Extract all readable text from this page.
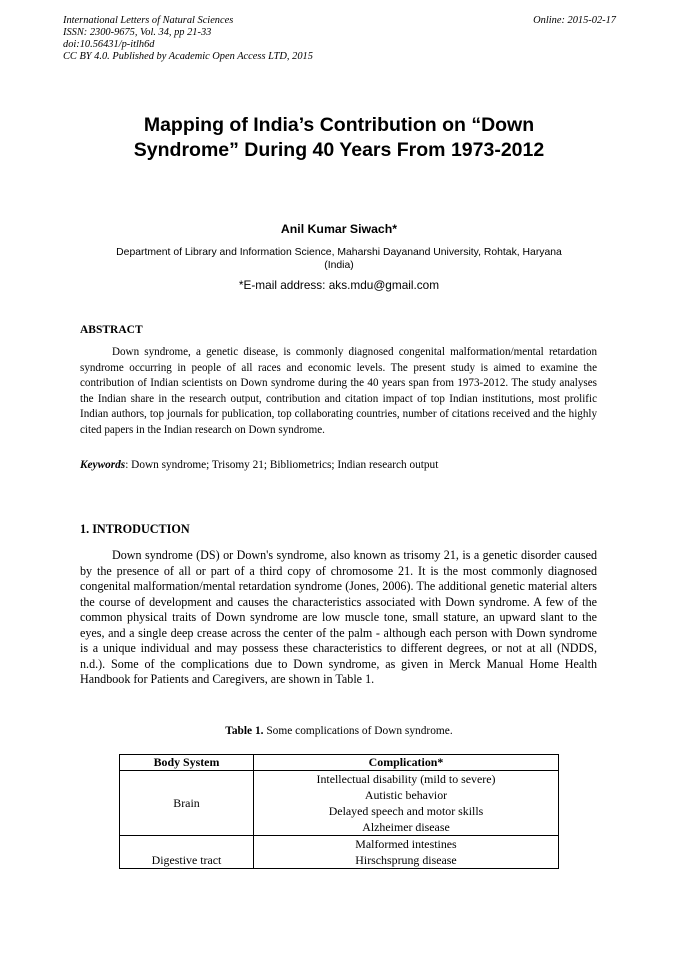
International Letters of Natural Sciences
ISSN: 2300-9675, Vol. 34, pp 21-33
doi:10.56431/p-itlh6d
CC BY 4.0. Published by Academic Open Access LTD, 2015
Online: 2015-02-17
Mapping of India’s Contribution on “Down
Syndrome” During 40 Years From 1973-2012
Anil Kumar Siwach*
Department of Library and Information Science, Maharshi Dayanand University, Rohtak, Haryana
(India)
*E-mail address: aks.mdu@gmail.com
ABSTRACT
Down syndrome, a genetic disease, is commonly diagnosed congenital malformation/mental retardation syndrome occurring in people of all races and economic levels. The present study is aimed to examine the contribution of Indian scientists on Down syndrome during the 40 years span from 1973-2012. The study analyses the Indian share in the research output, contribution and citation impact of top Indian institutions, most prolific Indian authors, top journals for publication, top collaborating countries, number of citations received and the highly cited papers in the Indian research on Down syndrome.
Keywords: Down syndrome; Trisomy 21; Bibliometrics; Indian research output
1. INTRODUCTION
Down syndrome (DS) or Down's syndrome, also known as trisomy 21, is a genetic disorder caused by the presence of all or part of a third copy of chromosome 21. It is the most commonly diagnosed congenital malformation/mental retardation syndrome (Jones, 2006). The additional genetic material alters the course of development and causes the characteristics associated with Down syndrome. A few of the common physical traits of Down syndrome are low muscle tone, small stature, an upward slant to the eyes, and a single deep crease across the center of the palm - although each person with Down syndrome is a unique individual and may possess these characteristics to different degrees, or not at all (NDDS, n.d.). Some of the complications due to Down syndrome, as given in Merck Manual Home Health Handbook for Patients and Caregivers, are shown in Table 1.
Table 1. Some complications of Down syndrome.
Body System	Complication*
Brain	Intellectual disability (mild to severe)
Autistic behavior
Delayed speech and motor skills
Alzheimer disease

Digestive tract	Malformed intestines
Hirschsprung disease
